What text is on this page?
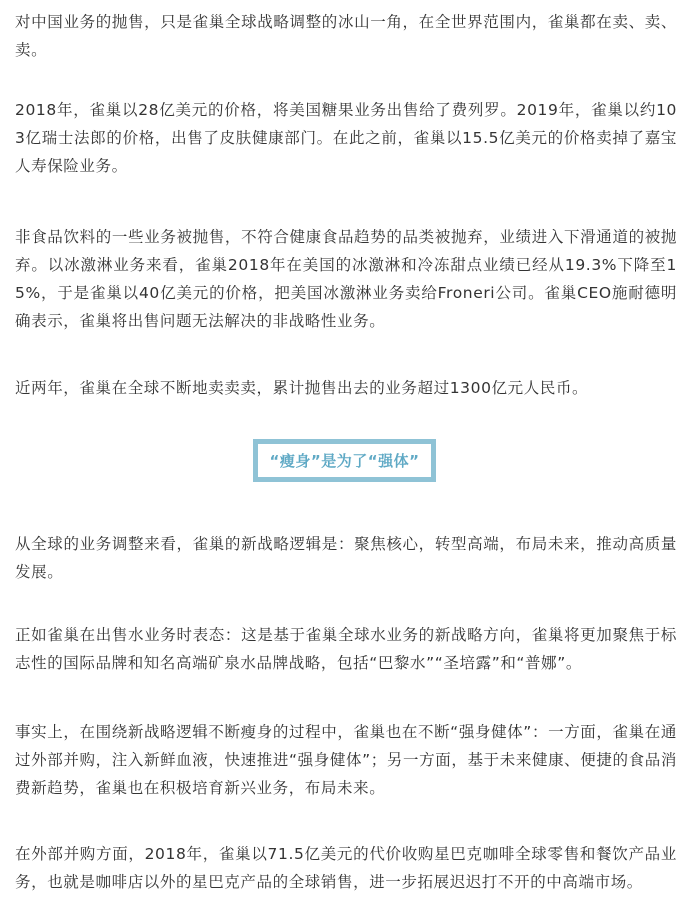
对中国业务的抛售，只是雀巢全球战略调整的冰山一角，在全世界范围内，雀巢都在卖、卖、卖。

2018年，雀巢以28亿美元的价格，将美国糖果业务出售给了费列罗。2019年，雀巢以约103亿瑞士法郎的价格，出售了皮肤健康部门。在此之前，雀巢以15.5亿美元的价格卖掉了嘉宝人寿保险业务。

非食品饮料的一些业务被抛售，不符合健康食品趋势的品类被抛弃，业绩进入下滑通道的被抛弃。以冰激淋业务来看，雀巢2018年在美国的冰激淋和冷冻甜点业绩已经从19.3%下降至15%，于是雀巢以40亿美元的价格，把美国冰激淋业务卖给Froneri公司。雀巢CEO施耐德明确表示，雀巢将出售问题无法解决的非战略性业务。

近两年，雀巢在全球不断地卖卖卖，累计抛售出去的业务超过1300亿元人民币。

“瘦身”是为了“强体”

从全球的业务调整来看，雀巢的新战略逻辑是：聚焦核心，转型高端，布局未来，推动高质量发展。

正如雀巢在出售水业务时表态：这是基于雀巢全球水业务的新战略方向，雀巢将更加聚焦于标志性的国际品牌和知名高端矿泉水品牌战略，包括“巴黎水”“圣培露”和“普娜”。

事实上，在围绕新战略逻辑不断瘦身的过程中，雀巢也在不断“强身健体”：一方面，雀巢在通过外部并购，注入新鲜血液，快速推进“强身健体”；另一方面，基于未来健康、便捷的食品消费新趋势，雀巢也在积极培育新兴业务，布局未来。

在外部并购方面，2018年，雀巢以71.5亿美元的代价收购星巴克咖啡全球零售和餐饮产品业务，也就是咖啡店以外的星巴克产品的全球销售，进一步拓展迟迟打不开的中高端市场。
